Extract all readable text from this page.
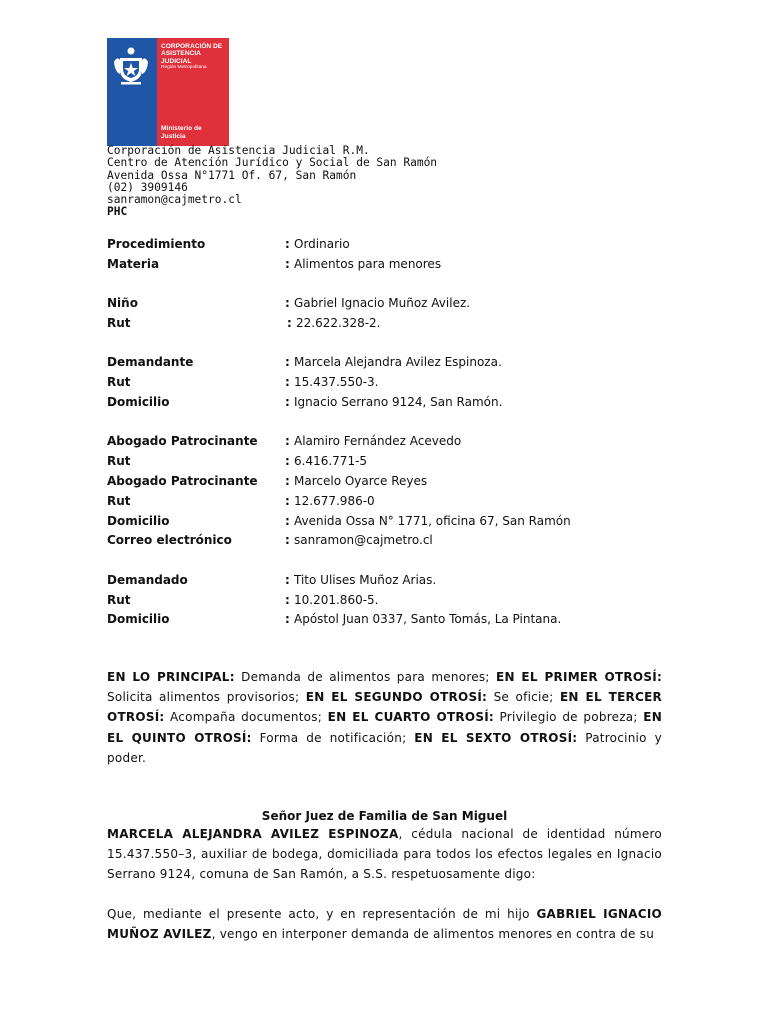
CORPORACIÓN DE
ASISTENCIA
JUDICIAL
Región Metropolitana
Ministerio de
Justicia
Corporación de Asistencia Judicial R.M.
Centro de Atención Jurídico y Social de San Ramón
Avenida Ossa N°1771 Of. 67, San Ramón
(02) 3909146
sanramon@cajmetro.cl
PHC
Procedimiento	: Ordinario
Materia	: Alimentos para menores
Niño	: Gabriel Ignacio Muñoz Avilez.
Rut	: 22.622.328-2.
Demandante	: Marcela Alejandra Avilez Espinoza.
Rut	: 15.437.550-3.
Domicilio	: Ignacio Serrano 9124, San Ramón.
Abogado Patrocinante : Alamiro Fernández Acevedo
Rut	: 6.416.771-5
Abogado Patrocinante : Marcelo Oyarce Reyes
Rut	: 12.677.986-0
Domicilio	: Avenida Ossa N° 1771, oficina 67, San Ramón
Correo electrónico	: sanramon@cajmetro.cl
Demandado	: Tito Ulises Muñoz Arias.
Rut	: 10.201.860-5.
Domicilio	: Apóstol Juan 0337, Santo Tomás, La Pintana.
EN LO PRINCIPAL: Demanda de alimentos para menores; EN EL PRIMER OTROSÍ: Solicita alimentos provisorios; EN EL SEGUNDO OTROSÍ: Se oficie; EN EL TERCER OTROSÍ: Acompaña documentos; EN EL CUARTO OTROSÍ: Privilegio de pobreza; EN EL QUINTO OTROSÍ: Forma de notificación; EN EL SEXTO OTROSÍ: Patrocinio y poder.
Señor Juez de Familia de San Miguel
MARCELA ALEJANDRA AVILEZ ESPINOZA, cédula nacional de identidad número 15.437.550–3, auxiliar de bodega, domiciliada para todos los efectos legales en Ignacio Serrano 9124, comuna de San Ramón, a S.S. respetuosamente digo:
Que, mediante el presente acto, y en representación de mi hijo GABRIEL IGNACIO MUÑOZ AVILEZ, vengo en interponer demanda de alimentos menores en contra de su
